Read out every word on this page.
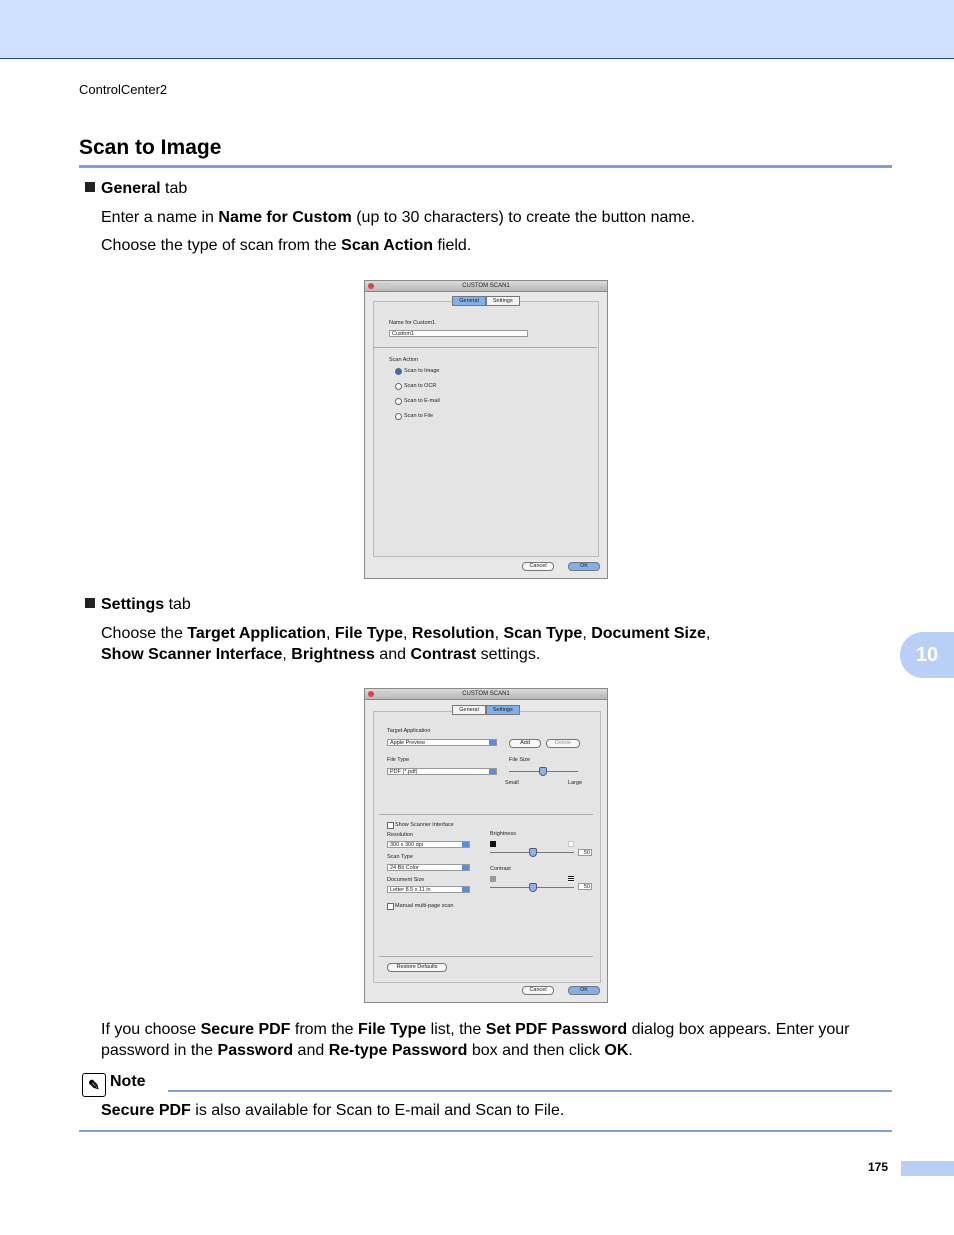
ControlCenter2
Scan to Image
General tab
Enter a name in Name for Custom (up to 30 characters) to create the button name.
Choose the type of scan from the Scan Action field.
CUSTOM SCAN1
General	Settings
Name for Custom1
Custom1
Scan Action
Scan to Image
Scan to OCR
Scan to E-mail
Scan to File
Cancel	OK
Settings tab
Choose the Target Application, File Type, Resolution, Scan Type, Document Size,
Show Scanner Interface, Brightness and Contrast settings.	10
CUSTOM SCAN1
General	Settings
Target Application
Apple Preview	Add	Delete
File Type
PDF (*.pdf)
File Size
Small	Large
Show Scanner Interface
Resolution
300 x 300 dpi
Scan Type
24 Bit Color
Document Size
Letter 8.5 x 11 in
Manual multi-page scan
Brightness
50
Contrast
50
Restore Defaults
Cancel	OK
If you choose Secure PDF from the File Type list, the Set PDF Password dialog box appears. Enter your
password in the Password and Re-type Password box and then click OK.
✎ Note
Secure PDF is also available for Scan to E-mail and Scan to File.
175
